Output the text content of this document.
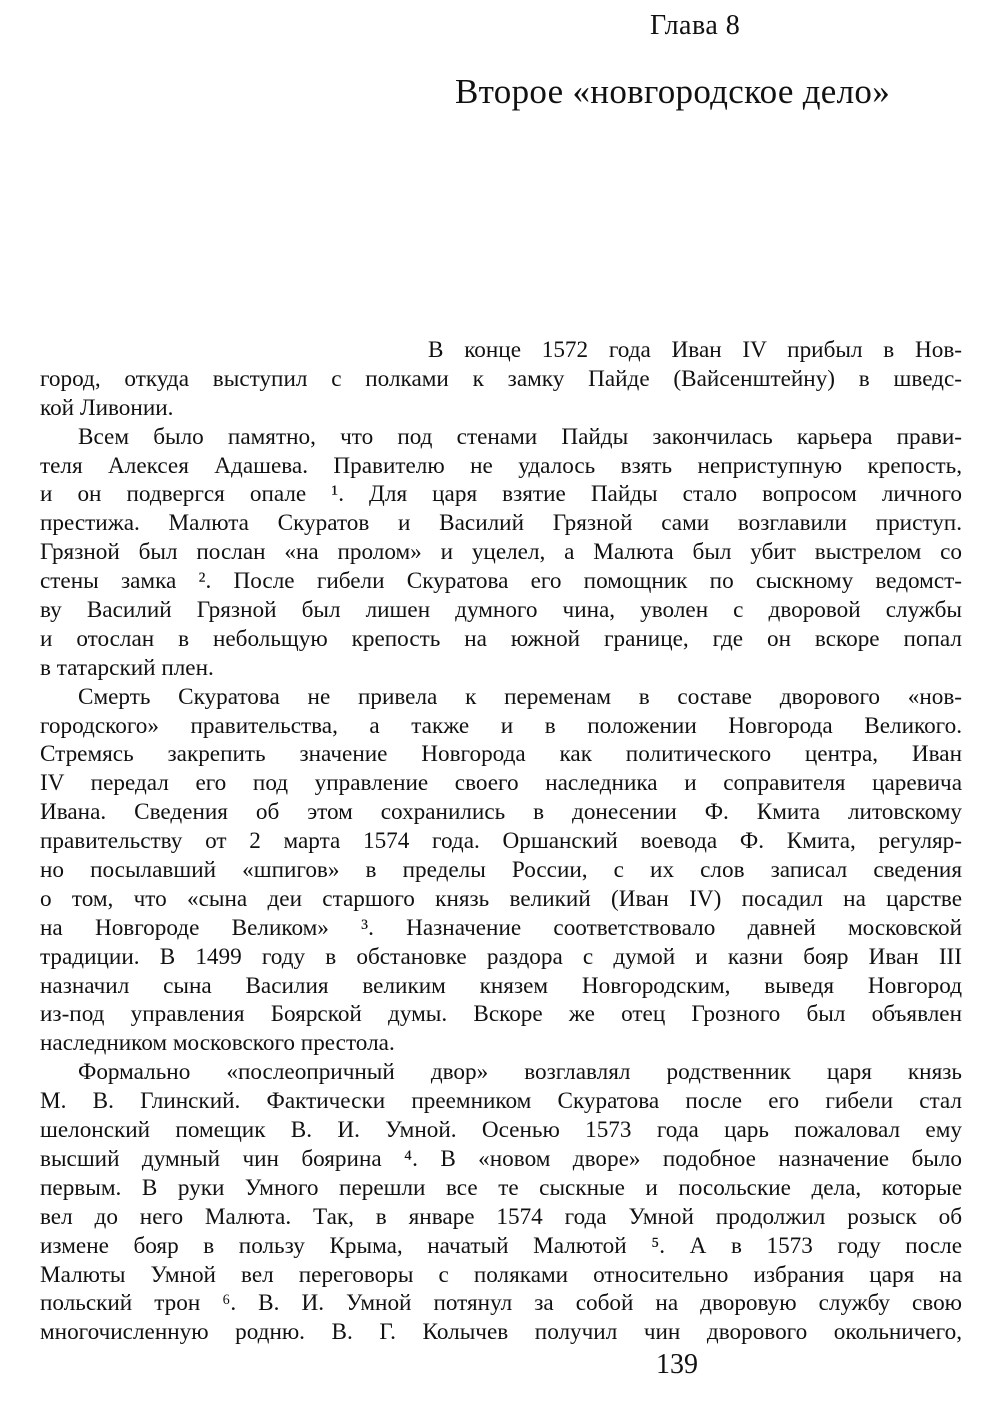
Глава 8
Второе «новгородское дело»
В конце 1572 года Иван IV прибыл в Нов-
город, откуда выступил с полками к замку Пайде (Вайсенштейну) в шведс-
кой Ливонии.
Всем было памятно, что под стенами Пайды закончилась карьера прави-
теля Алексея Адашева. Правителю не удалось взять неприступную крепость,
и он подвергся опале ¹. Для царя взятие Пайды стало вопросом личного
престижа. Малюта Скуратов и Василий Грязной сами возглавили приступ.
Грязной был послан «на пролом» и уцелел, а Малюта был убит выстрелом со
стены замка ². После гибели Скуратова его помощник по сыскному ведомст-
ву Василий Грязной был лишен думного чина, уволен с дворовой службы
и отослан в небольщую крепость на южной границе, где он вскоре попал
в татарский плен.
Смерть Скуратова не привела к переменам в составе дворового «нов-
городского» правительства, а также и в положении Новгорода Великого.
Стремясь закрепить значение Новгорода как политического центра, Иван
IV передал его под управление своего наследника и соправителя царевича
Ивана. Сведения об этом сохранились в донесении Ф. Кмита литовскому
правительству от 2 марта 1574 года. Оршанский воевода Ф. Кмита, регуляр-
но посылавший «шпигов» в пределы России, с их слов записал сведения
о том, что «сына деи старшого князь великий (Иван IV) посадил на царстве
на Новгороде Великом» ³. Назначение соответствовало давней московской
традиции. В 1499 году в обстановке раздора с думой и казни бояр Иван III
назначил сына Василия великим князем Новгородским, выведя Новгород
из-под управления Боярской думы. Вскоре же отец Грозного был объявлен
наследником московского престола.
Формально «послеопричный двор» возглавлял родственник царя князь
М. В. Глинский. Фактически преемником Скуратова после его гибели стал
шелонский помещик В. И. Умной. Осенью 1573 года царь пожаловал ему
высший думный чин боярина ⁴. В «новом дворе» подобное назначение было
первым. В руки Умного перешли все те сыскные и посольские дела, которые
вел до него Малюта. Так, в январе 1574 года Умной продолжил розыск об
измене бояр в пользу Крыма, начатый Малютой ⁵. А в 1573 году после
Малюты Умной вел переговоры с поляками относительно избрания царя на
польский трон ⁶. В. И. Умной потянул за собой на дворовую службу свою
многочисленную родню. В. Г. Колычев получил чин дворового окольничего,
139
